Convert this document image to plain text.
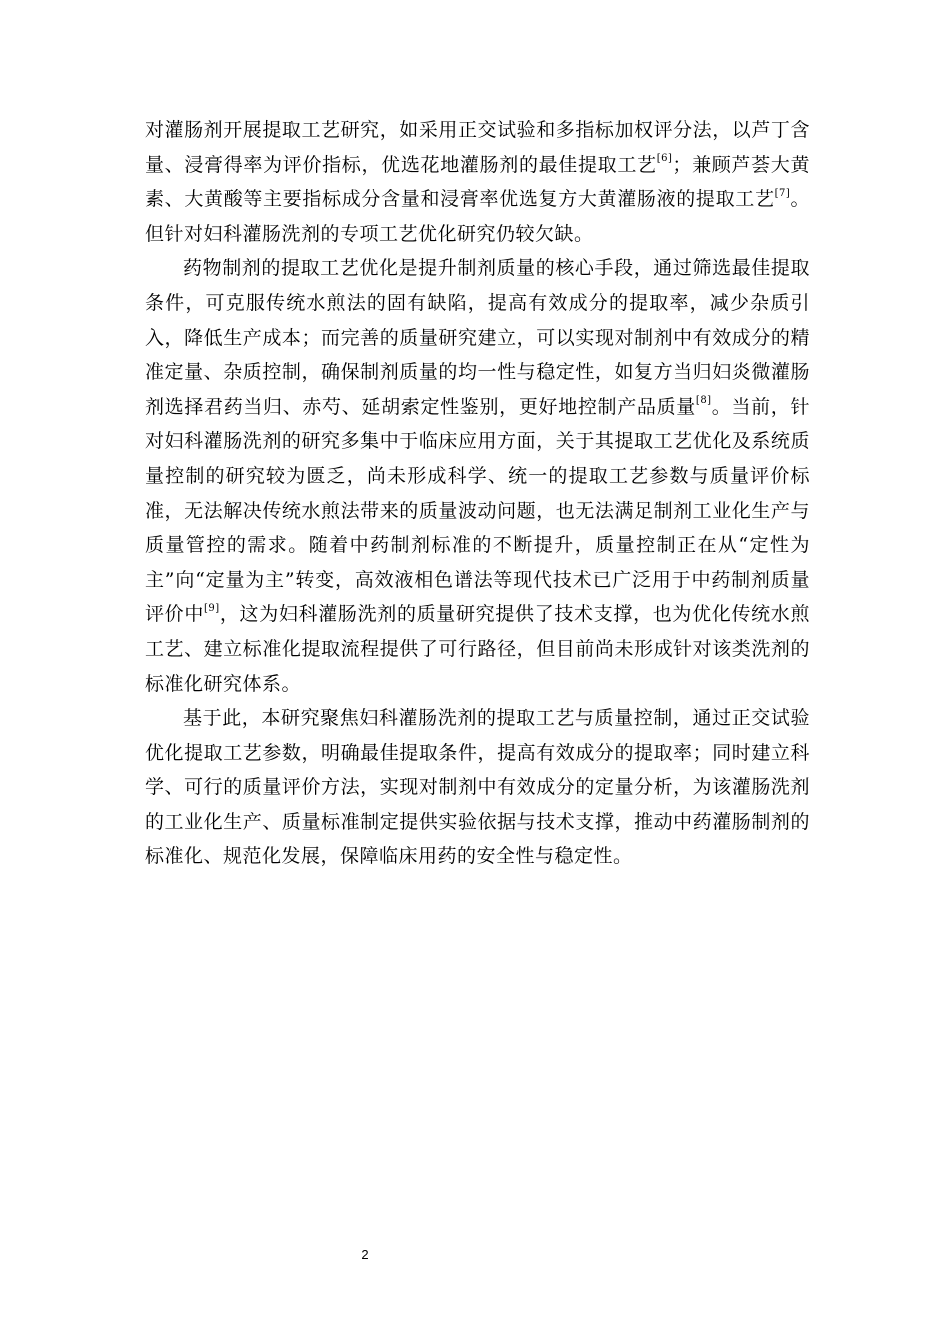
对灌肠剂开展提取工艺研究，如采用正交试验和多指标加权评分法，以芦丁含量、浸膏得率为评价指标，优选花地灌肠剂的最佳提取工艺[6]；兼顾芦荟大黄素、大黄酸等主要指标成分含量和浸膏率优选复方大黄灌肠液的提取工艺[7]。但针对妇科灌肠洗剂的专项工艺优化研究仍较欠缺。

药物制剂的提取工艺优化是提升制剂质量的核心手段，通过筛选最佳提取条件，可克服传统水煎法的固有缺陷，提高有效成分的提取率，减少杂质引入，降低生产成本；而完善的质量研究建立，可以实现对制剂中有效成分的精准定量、杂质控制，确保制剂质量的均一性与稳定性，如复方当归妇炎微灌肠剂选择君药当归、赤芍、延胡索定性鉴别，更好地控制产品质量[8]。当前，针对妇科灌肠洗剂的研究多集中于临床应用方面，关于其提取工艺优化及系统质量控制的研究较为匮乏，尚未形成科学、统一的提取工艺参数与质量评价标准，无法解决传统水煎法带来的质量波动问题，也无法满足制剂工业化生产与质量管控的需求。随着中药制剂标准的不断提升，质量控制正在从“定性为主”向“定量为主”转变，高效液相色谱法等现代技术已广泛用于中药制剂质量评价中[9]，这为妇科灌肠洗剂的质量研究提供了技术支撑，也为优化传统水煎工艺、建立标准化提取流程提供了可行路径，但目前尚未形成针对该类洗剂的标准化研究体系。

基于此，本研究聚焦妇科灌肠洗剂的提取工艺与质量控制，通过正交试验优化提取工艺参数，明确最佳提取条件，提高有效成分的提取率；同时建立科学、可行的质量评价方法，实现对制剂中有效成分的定量分析，为该灌肠洗剂的工业化生产、质量标准制定提供实验依据与技术支撑，推动中药灌肠制剂的标准化、规范化发展，保障临床用药的安全性与稳定性。

2
